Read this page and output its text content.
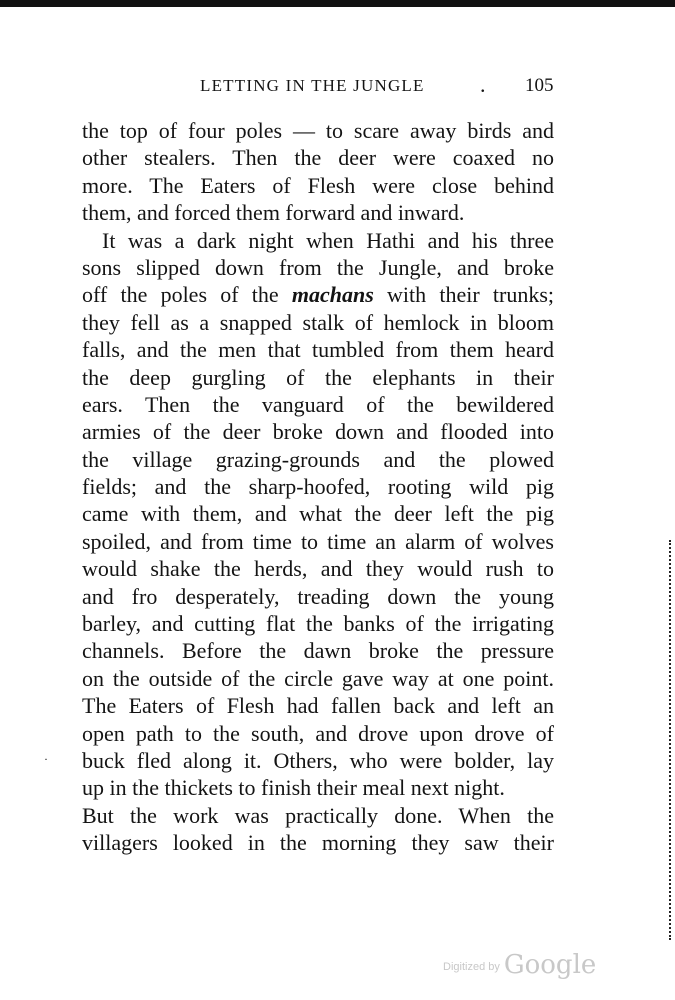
LETTING IN THE JUNGLE	. 105
the top of four poles — to scare away birds and
other stealers. Then the deer were coaxed no
more. The Eaters of Flesh were close behind
them, and forced them forward and inward.
It was a dark night when Hathi and his three
sons slipped down from the Jungle, and broke
off the poles of the machans with their trunks;
they fell as a snapped stalk of hemlock in bloom
falls, and the men that tumbled from them heard
the deep gurgling of the elephants in their
ears. Then the vanguard of the bewildered
armies of the deer broke down and flooded into
the village grazing-grounds and the plowed
fields; and the sharp-hoofed, rooting wild pig
came with them, and what the deer left the pig
spoiled, and from time to time an alarm of wolves
would shake the herds, and they would rush to
and fro desperately, treading down the young
barley, and cutting flat the banks of the irrigating
channels. Before the dawn broke the pressure
on the outside of the circle gave way at one point.
The Eaters of Flesh had fallen back and left an
open path to the south, and drove upon drove of
buck fled along it. Others, who were bolder, lay
up in the thickets to finish their meal next night.
But the work was practically done. When the
villagers looked in the morning they saw their
·
Digitized by Google
